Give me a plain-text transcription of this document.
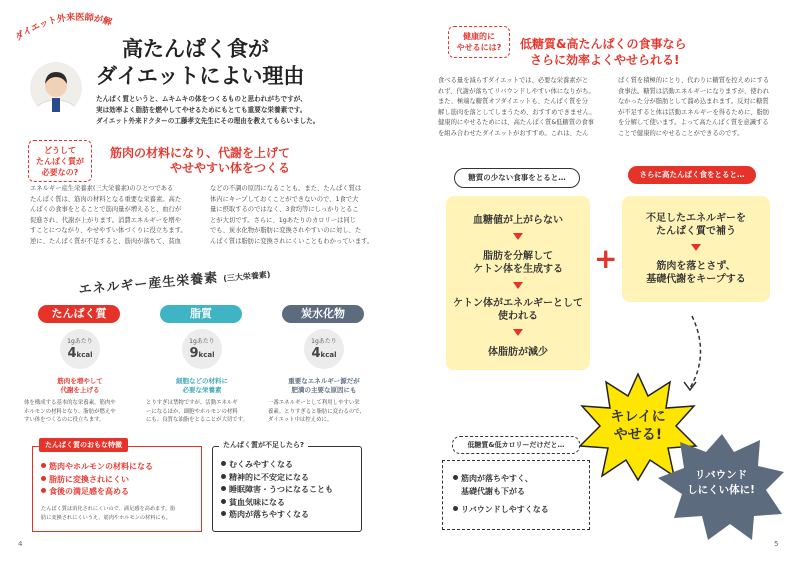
ダイエット外来医師が解
高たんぱく食が
ダイエットによい理由
たんぱく質というと、ムキムキの体をつくるものと思われがちですが、
実は効率よく脂肪を燃やしてやせるためにもとても重要な栄養素です。
ダイエット外来ドクターの工藤孝文先生にその理由を教えてもらいました。
どうして
たんぱく質が
必要なの?
筋肉の材料になり、代謝を上げて
やせやすい体をつくる
エネルギー産生栄養素(三大栄養素)のひとつである
たんぱく質は、筋肉の材料となる重要な栄養素。高た
んぱくの食事をとることで筋肉量が増えると、血行が
促進され、代謝が上がります。消費エネルギーを増や
すことにつながり、やせやすい体づくりに役立ちます。
逆に、たんぱく質が不足すると、筋肉が落ちて、貧血
などの不調の原因になることも。また、たんぱく質は
体内にキープしておくことができないので、1食で大
量に摂取するのではなく、3食均等にしっかりとるこ
とが大切です。さらに、1gあたりのカロリーは同じ
でも、炭水化物が脂肪に変換されやすいのに対し、た
んぱく質は脂肪に変換されにくいこともわかっています。
エネルギー産生栄養素 (三大栄養素)
たんぱく質
1gあたり
4kcal
筋肉を増やして
代謝を上げる
体を構成する基本的な栄養素。筋肉や
ホルモンの材料となり、脂肪が燃えや
すい体をつくるのに役立ちます。
脂質
1gあたり
9kcal
細胞などの材料に
必要な栄養素
とりすぎは禁物ですが、活動エネルギ
ーになるほか、細胞やホルモンの材料
にも。良質な油脂をとることが大切です。
炭水化物
1gあたり
4kcal
重要なエネルギー源だが
肥満の主要な原因にも
一番エネルギーとして利用しやすい栄
養素。とりすぎると脂肪に変わるので、
ダイエット中は控えめに。
たんぱく質のおもな特徴
筋肉やホルモンの材料になる
脂肪に変換されにくい
食後の満足感を高める
たんぱく質は消化されにくいので、満足感を高めます。脂
肪に変換されにくいうえ、筋肉やホルモンの材料にも。
たんぱく質が不足したら?
むくみやすくなる
精神的に不安定になる
睡眠障害・うつになることも
貧血気味になる
筋肉が落ちやすくなる
4
健康的に
やせるには?	低糖質&高たんぱくの食事なら
さらに効率よくやせられる!
食べる量を減らすダイエットでは、必要な栄養素がと
れず、代謝が落ちてリバウンドしやすい体になりがち。
また、極端な糖質オフダイエットも、たんぱく質を分
解し筋肉を落としてしまうため、おすすめできません。
健康的にやせるためには、高たんぱく質&低糖質の食事
を組み合わせたダイエットがおすすめ。これは、たん
ぱく質を積極的にとり、代わりに糖質を控えめにする
食事法。糖質は活動エネルギーになりますが、使われ
なかった分が脂肪として溜め込まれます。反対に糖質
が不足すると体は活動エネルギーを得るために、脂肪
を分解して使います。よって高たんぱく質を意識する
ことで健康的にやせることができるのです。
糖質の少ない食事をとると…
血糖値が上がらない
脂肪を分解して
ケトン体を生成する
ケトン体がエネルギーとして
使われる
体脂肪が減少
+
さらに高たんぱく食をとると…
不足したエネルギーを
たんぱく質で補う
筋肉を落とさず、
基礎代謝をキープする
キレイに
やせる!
リバウンド
しにくい体に!
低糖質&低カロリーだけだと…
筋肉が落ちやすく、
基礎代謝も下がる
リバウンドしやすくなる
5
